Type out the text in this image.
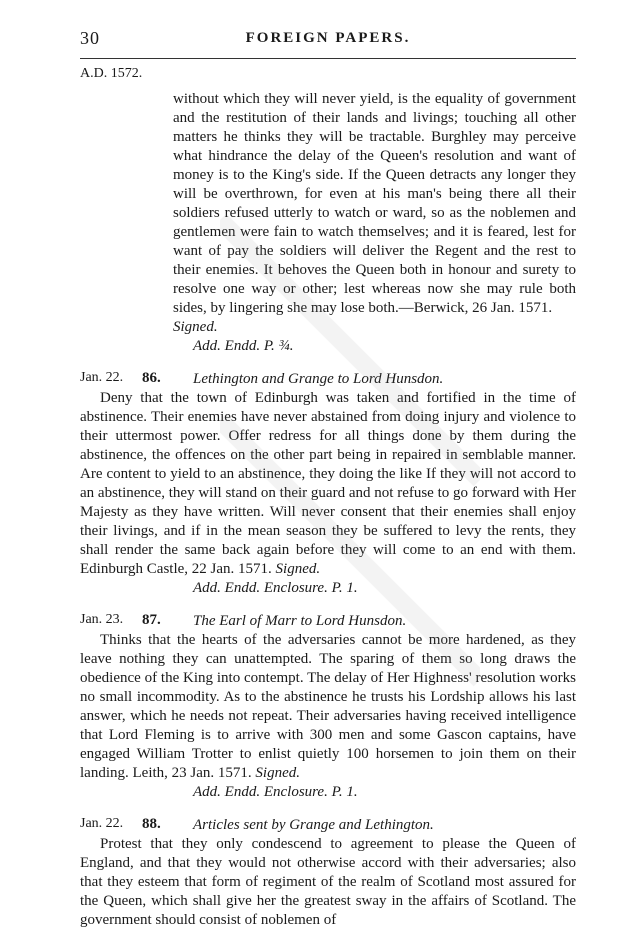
30	FOREIGN PAPERS.
A.D. 1572.

without which they will never yield, is the equality of government and the restitution of their lands and livings; touching all other matters he thinks they will be tractable. Burghley may perceive what hindrance the delay of the Queen's resolution and want of money is to the King's side. If the Queen detracts any longer they will be overthrown, for even at his man's being there all their soldiers refused utterly to watch or ward, so as the noblemen and gentlemen were fain to watch themselves; and it is feared, lest for want of pay the soldiers will deliver the Regent and the rest to their enemies. It behoves the Queen both in honour and surety to resolve one way or other; lest whereas now she may rule both sides, by lingering she may lose both.—Berwick, 26 Jan. 1571.
Signed.

Add. Endd. P. ¾.
Jan. 22. 86. Lethington and Grange to Lord Hunsdon.

Deny that the town of Edinburgh was taken and fortified in the time of abstinence. Their enemies have never abstained from doing injury and violence to their uttermost power. Offer redress for all things done by them during the abstinence, the offences on the other part being in repaired in semblable manner. Are content to yield to an abstinence, they doing the like If they will not accord to an abstinence, they will stand on their guard and not refuse to go forward with Her Majesty as they have written. Will never consent that their enemies shall enjoy their livings, and if in the mean season they be suffered to levy the rents, they shall render the same back again before they will come to an end with them. Edinburgh Castle, 22 Jan. 1571. Signed.

Add. Endd. Enclosure. P. 1.
Jan. 23. 87. The Earl of Marr to Lord Hunsdon.

Thinks that the hearts of the adversaries cannot be more hardened, as they leave nothing they can unattempted. The sparing of them so long draws the obedience of the King into contempt. The delay of Her Highness' resolution works no small incommodity. As to the abstinence he trusts his Lordship allows his last answer, which he needs not repeat. Their adversaries having received intelligence that Lord Fleming is to arrive with 300 men and some Gascon captains, have engaged William Trotter to enlist quietly 100 horsemen to join them on their landing. Leith, 23 Jan. 1571. Signed.

Add. Endd. Enclosure. P. 1.
Jan. 22. 88. Articles sent by Grange and Lethington.

Protest that they only condescend to agreement to please the Queen of England, and that they would not otherwise accord with their adversaries; also that they esteem that form of regiment of the realm of Scotland most assured for the Queen, which shall give her the greatest sway in the affairs of Scotland. The government should consist of noblemen of
